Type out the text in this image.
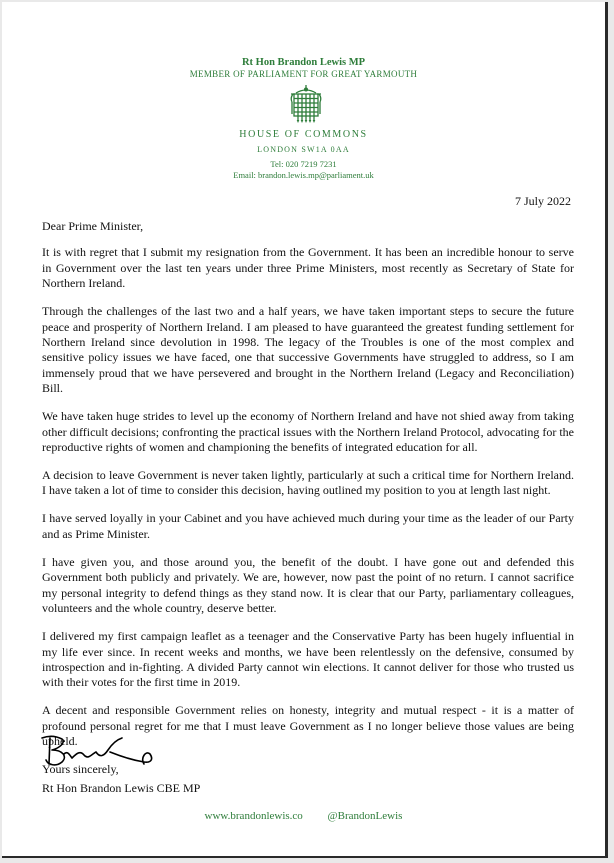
Rt Hon Brandon Lewis MP
MEMBER OF PARLIAMENT FOR GREAT YARMOUTH
HOUSE OF COMMONS
LONDON SW1A 0AA
Tel: 020 7219 7231
Email: brandon.lewis.mp@parliament.uk
7 July 2022

Dear Prime Minister,

It is with regret that I submit my resignation from the Government. It has been an incredible honour to serve in Government over the last ten years under three Prime Ministers, most recently as Secretary of State for Northern Ireland.

Through the challenges of the last two and a half years, we have taken important steps to secure the future peace and prosperity of Northern Ireland. I am pleased to have guaranteed the greatest funding settlement for Northern Ireland since devolution in 1998. The legacy of the Troubles is one of the most complex and sensitive policy issues we have faced, one that successive Governments have struggled to address, so I am immensely proud that we have persevered and brought in the Northern Ireland (Legacy and Reconciliation) Bill.

We have taken huge strides to level up the economy of Northern Ireland and have not shied away from taking other difficult decisions; confronting the practical issues with the Northern Ireland Protocol, advocating for the reproductive rights of women and championing the benefits of integrated education for all.

A decision to leave Government is never taken lightly, particularly at such a critical time for Northern Ireland. I have taken a lot of time to consider this decision, having outlined my position to you at length last night.

I have served loyally in your Cabinet and you have achieved much during your time as the leader of our Party and as Prime Minister.

I have given you, and those around you, the benefit of the doubt. I have gone out and defended this Government both publicly and privately. We are, however, now past the point of no return. I cannot sacrifice my personal integrity to defend things as they stand now. It is clear that our Party, parliamentary colleagues, volunteers and the whole country, deserve better.

I delivered my first campaign leaflet as a teenager and the Conservative Party has been hugely influential in my life ever since. In recent weeks and months, we have been relentlessly on the defensive, consumed by introspection and in-fighting. A divided Party cannot win elections. It cannot deliver for those who trusted us with their votes for the first time in 2019.

A decent and responsible Government relies on honesty, integrity and mutual respect - it is a matter of profound personal regret for me that I must leave Government as I no longer believe those values are being upheld.

Yours sincerely,

Rt Hon Brandon Lewis CBE MP
www.brandonlewis.co @BrandonLewis
